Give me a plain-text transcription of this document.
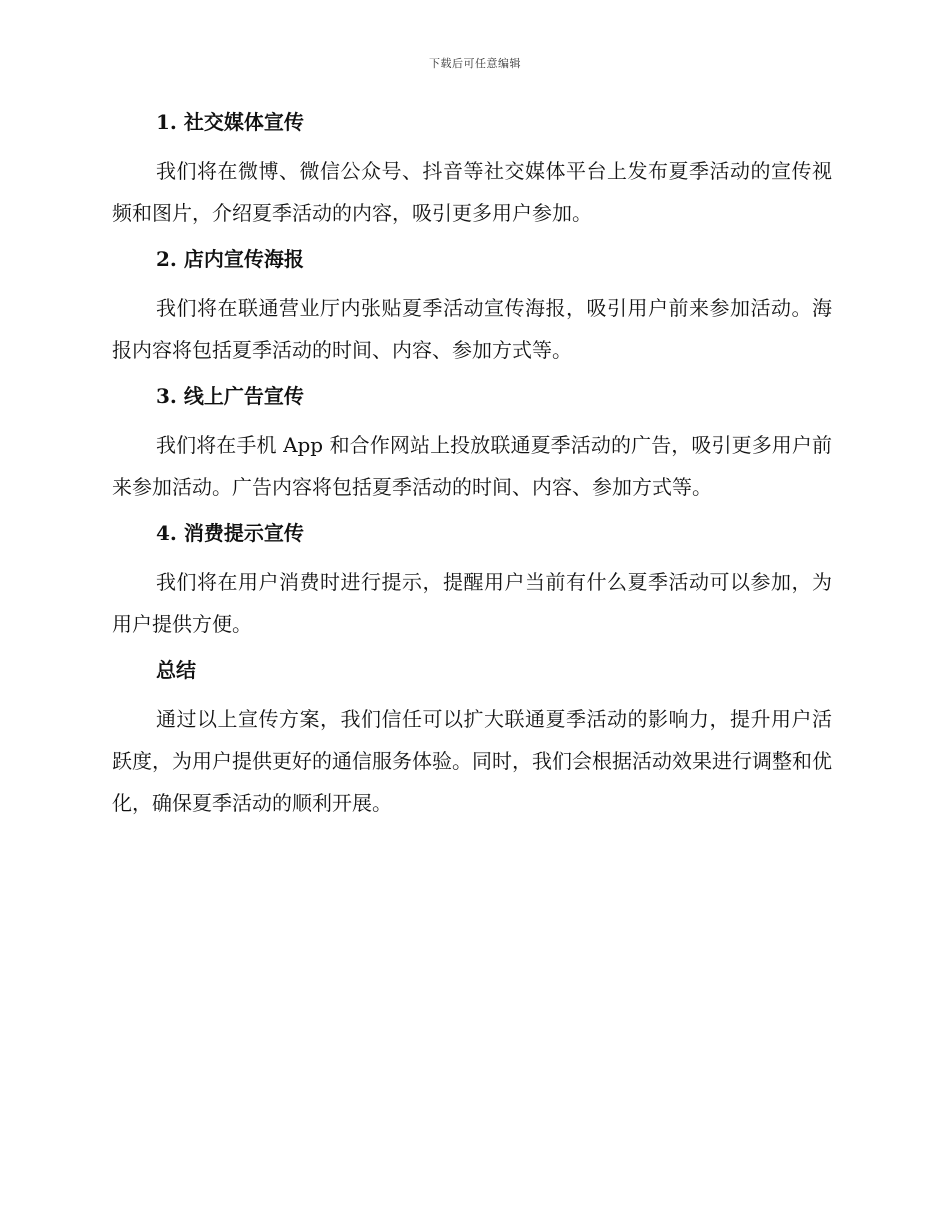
下载后可任意编辑
1. 社交媒体宣传

我们将在微博、微信公众号、抖音等社交媒体平台上发布夏季活动的宣传视频和图片，介绍夏季活动的内容，吸引更多用户参加。

2. 店内宣传海报

我们将在联通营业厅内张贴夏季活动宣传海报，吸引用户前来参加活动。海报内容将包括夏季活动的时间、内容、参加方式等。

3. 线上广告宣传

我们将在手机 App 和合作网站上投放联通夏季活动的广告，吸引更多用户前来参加活动。广告内容将包括夏季活动的时间、内容、参加方式等。

4. 消费提示宣传

我们将在用户消费时进行提示，提醒用户当前有什么夏季活动可以参加，为用户提供方便。

总结

通过以上宣传方案，我们信任可以扩大联通夏季活动的影响力，提升用户活跃度，为用户提供更好的通信服务体验。同时，我们会根据活动效果进行调整和优化，确保夏季活动的顺利开展。
